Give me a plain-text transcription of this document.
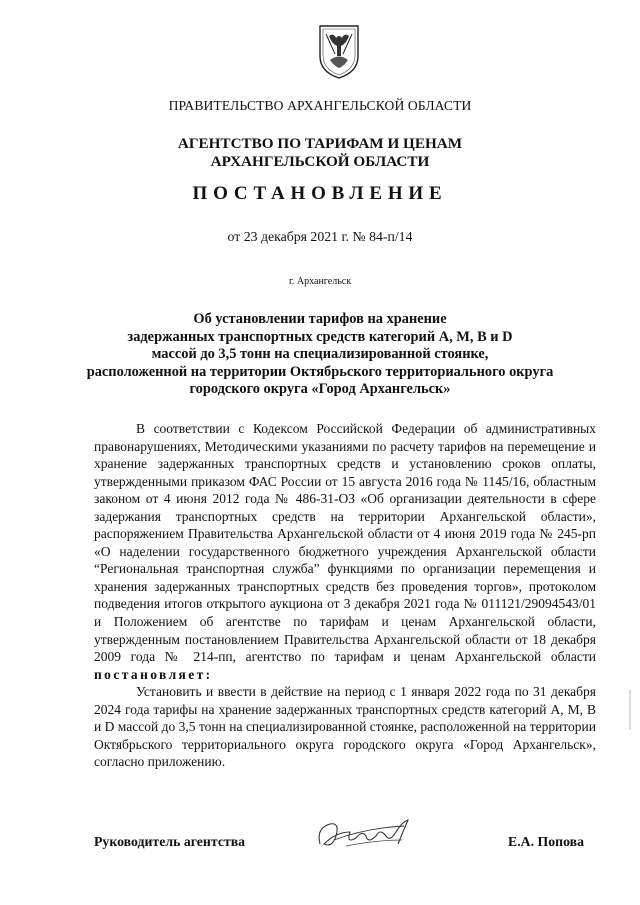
ПРАВИТЕЛЬСТВО АРХАНГЕЛЬСКОЙ ОБЛАСТИ
АГЕНТСТВО ПО ТАРИФАМ И ЦЕНАМ
АРХАНГЕЛЬСКОЙ ОБЛАСТИ
ПОСТАНОВЛЕНИЕ
от 23 декабря 2021 г. № 84-п/14
г. Архангельск
Об установлении тарифов на хранение
задержанных транспортных средств категорий А, М, В и D
массой до 3,5 тонн на специализированной стоянке,
расположенной на территории Октябрьского территориального округа
городского округа «Город Архангельск»

В соответствии с Кодексом Российской Федерации об административных правонарушениях, Методическими указаниями по расчету тарифов на перемещение и хранение задержанных транспортных средств и установлению сроков оплаты, утвержденными приказом ФАС России от 15 августа 2016 года № 1145/16, областным законом от 4 июня 2012 года № 486-31-ОЗ «Об организации деятельности в сфере задержания транспортных средств на территории Архангельской области», распоряжением Правительства Архангельской области от 4 июня 2019 года № 245-рп «О наделении государственного бюджетного учреждения Архангельской области “Региональная транспортная служба” функциями по организации перемещения и хранения задержанных транспортных средств без проведения торгов», протоколом подведения итогов открытого аукциона от 3 декабря 2021 года № 011121/29094543/01 и Положением об агентстве по тарифам и ценам Архангельской области, утвержденным постановлением Правительства Архангельской области от 18 декабря 2009 года № 214-пп, агентство по тарифам и ценам Архангельской области постановляет:

Установить и ввести в действие на период с 1 января 2022 года по 31 декабря 2024 года тарифы на хранение задержанных транспортных средств категорий А, М, В и D массой до 3,5 тонн на специализированной стоянке, расположенной на территории Октябрьского территориального округа городского округа «Город Архангельск», согласно приложению.

Руководитель агентства	Е.А. Попова
